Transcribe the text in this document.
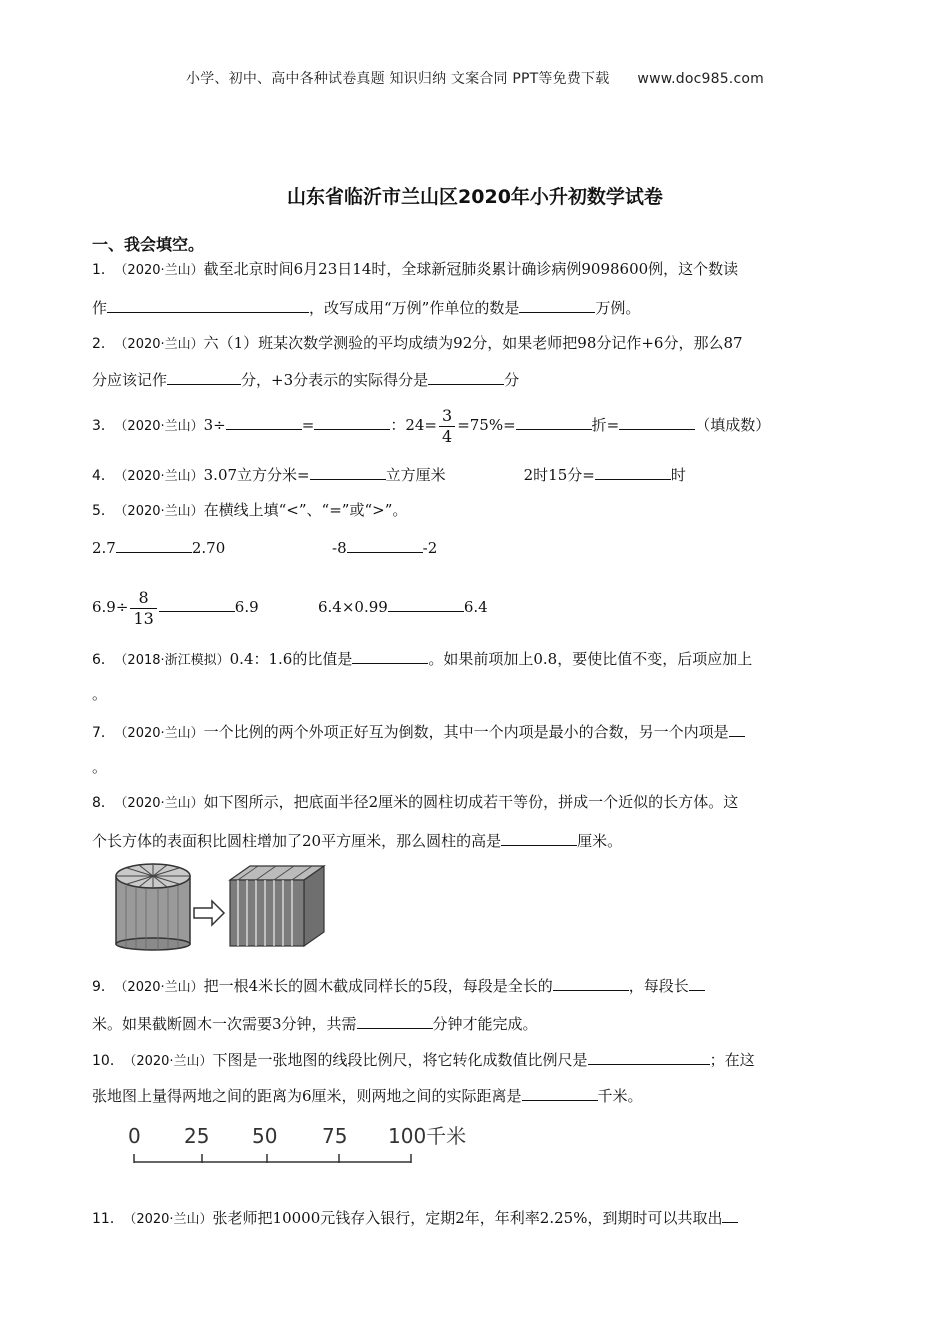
小学、初中、高中各种试卷真题 知识归纳 文案合同 PPT等免费下载 www.doc985.com
山东省临沂市兰山区2020年小升初数学试卷
一、我会填空。
1． （2020·兰山）截至北京时间6月23日14时，全球新冠肺炎累计确诊病例9098600例，这个数读
作	，改写成用“万例”作单位的数是	万例。
2． （2020·兰山）六（1）班某次数学测验的平均成绩为92分，如果老师把98分记作+6分，那么87
分应该记作	分，+3分表示的实际得分是	分
3． （2020·兰山）3÷	=	：$24= \frac{3}{4} =75\%=$	折=	（填成数）
4． （2020·兰山）3.07立方分米=	立方厘米	2时15分=	时
5． （2020·兰山）在横线上填“<”、“=”或“>”。
2.7	2.70	-8	-2
$6.9\div \frac{8}{13}$	6.9	6.4×0.99	6.4
6． （2018·浙江模拟）0.4：1.6的比值是	。如果前项加上0.8，要使比值不变，后项应加上
。
7． （2020·兰山）一个比例的两个外项正好互为倒数，其中一个内项是最小的合数，另一个内项是
。
8． （2020·兰山）如下图所示，把底面半径2厘米的圆柱切成若干等份，拼成一个近似的长方体。这
个长方体的表面积比圆柱增加了20平方厘米，那么圆柱的高是	厘米。
9． （2020·兰山）把一根4米长的圆木截成同样长的5段，每段是全长的	，每段长
米。如果截断圆木一次需要3分钟，共需	分钟才能完成。
10． （2020·兰山）下图是一张地图的线段比例尺，将它转化成数值比例尺是	；在这
张地图上量得两地之间的距离为6厘米，则两地之间的实际距离是	千米。
0 25 50 75 100千米
11． （2020·兰山）张老师把10000元钱存入银行，定期2年，年利率2.25%，到期时可以共取出
